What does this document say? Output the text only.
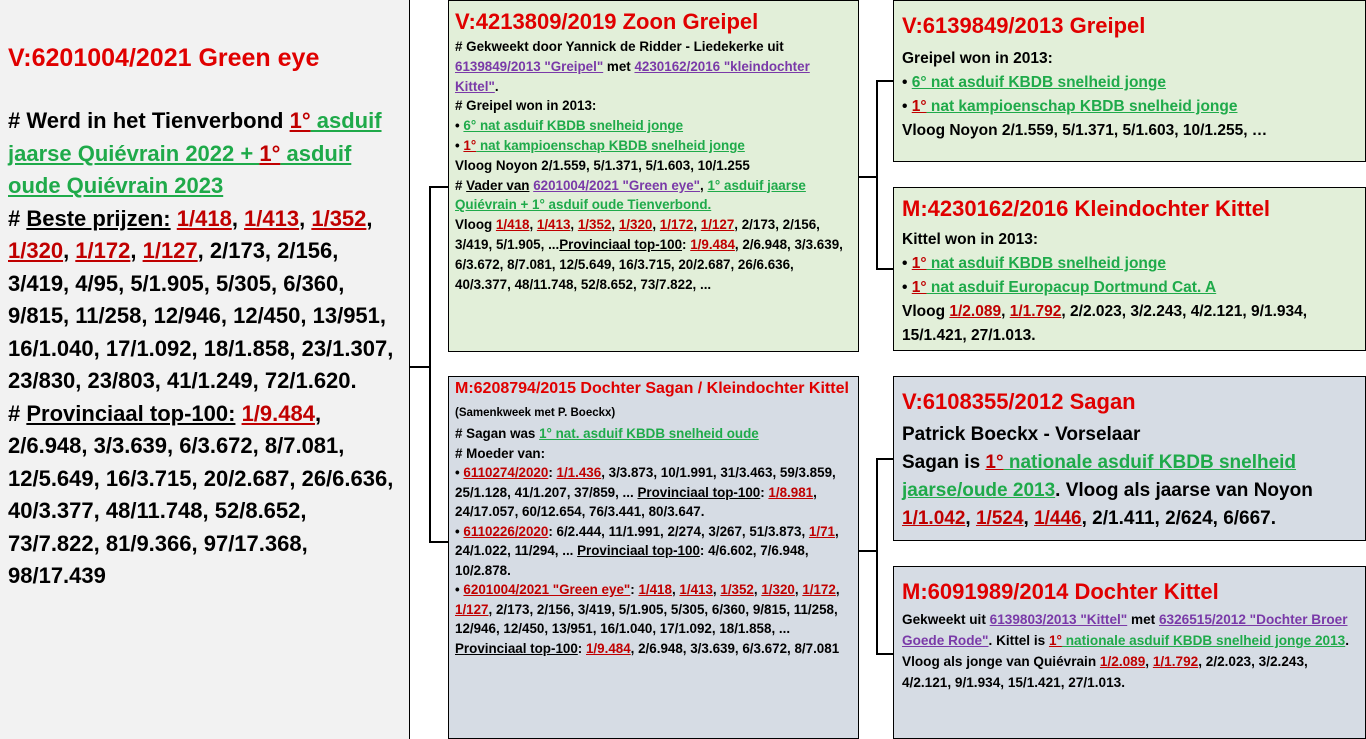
V:6201004/2021 Green eye
# Werd in het Tienverbond 1° asduif jaarse Quiévrain 2022 + 1° asduif oude Quiévrain 2023
# Beste prijzen: 1/418, 1/413, 1/352, 1/320, 1/172, 1/127, 2/173, 2/156, 3/419, 4/95, 5/1.905, 5/305, 6/360, 9/815, 11/258, 12/946, 12/450, 13/951, 16/1.040, 17/1.092, 18/1.858, 23/1.307, 23/830, 23/803, 41/1.249, 72/1.620.
# Provinciaal top-100: 1/9.484, 2/6.948, 3/3.639, 6/3.672, 8/7.081, 12/5.649, 16/3.715, 20/2.687, 26/6.636, 40/3.377, 48/11.748, 52/8.652, 73/7.822, 81/9.366, 97/17.368, 98/17.439
V:4213809/2019 Zoon Greipel
# Gekweekt door Yannick de Ridder - Liedekerke uit 6139849/2013 "Greipel" met 4230162/2016 "kleindochter Kittel".
# Greipel won in 2013:
• 6° nat asduif KBDB snelheid jonge
• 1° nat kampioenschap KBDB snelheid jonge
Vloog Noyon 2/1.559, 5/1.371, 5/1.603, 10/1.255
# Vader van 6201004/2021 "Green eye", 1° asduif jaarse Quiévrain + 1° asduif oude Tienverbond.
Vloog 1/418, 1/413, 1/352, 1/320, 1/172, 1/127, 2/173, 2/156, 3/419, 5/1.905, ...Provinciaal top-100: 1/9.484, 2/6.948, 3/3.639, 6/3.672, 8/7.081, 12/5.649, 16/3.715, 20/2.687, 26/6.636, 40/3.377, 48/11.748, 52/8.652, 73/7.822, ...
M:6208794/2015 Dochter Sagan / Kleindochter Kittel (Samenkweek met P. Boeckx)
# Sagan was 1° nat. asduif KBDB snelheid oude
# Moeder van:
• 6110274/2020: 1/1.436, 3/3.873, 10/1.991, 31/3.463, 59/3.859, 25/1.128, 41/1.207, 37/859, ... Provinciaal top-100: 1/8.981, 24/17.057, 60/12.654, 76/3.441, 80/3.647.
• 6110226/2020: 6/2.444, 11/1.991, 2/274, 3/267, 51/3.873, 1/71, 24/1.022, 11/294, ... Provinciaal top-100: 4/6.602, 7/6.948, 10/2.878.
• 6201004/2021 "Green eye": 1/418, 1/413, 1/352, 1/320, 1/172, 1/127, 2/173, 2/156, 3/419, 5/1.905, 5/305, 6/360, 9/815, 11/258, 12/946, 12/450, 13/951, 16/1.040, 17/1.092, 18/1.858, ... Provinciaal top-100: 1/9.484, 2/6.948, 3/3.639, 6/3.672, 8/7.081
V:6139849/2013 Greipel
Greipel won in 2013:
• 6° nat asduif KBDB snelheid jonge
• 1° nat kampioenschap KBDB snelheid jonge
Vloog Noyon 2/1.559, 5/1.371, 5/1.603, 10/1.255, …
M:4230162/2016 Kleindochter Kittel
Kittel won in 2013:
• 1° nat asduif KBDB snelheid jonge
• 1° nat asduif Europacup Dortmund Cat. A
Vloog 1/2.089, 1/1.792, 2/2.023, 3/2.243, 4/2.121, 9/1.934, 15/1.421, 27/1.013.
V:6108355/2012 Sagan
Patrick Boeckx - Vorselaar
Sagan is 1° nationale asduif KBDB snelheid jaarse/oude 2013. Vloog als jaarse van Noyon 1/1.042, 1/524, 1/446, 2/1.411, 2/624, 6/667.
M:6091989/2014 Dochter Kittel
Gekweekt uit 6139803/2013 "Kittel" met 6326515/2012 "Dochter Broer Goede Rode". Kittel is 1° nationale asduif KBDB snelheid jonge 2013. Vloog als jonge van Quiévrain 1/2.089, 1/1.792, 2/2.023, 3/2.243, 4/2.121, 9/1.934, 15/1.421, 27/1.013.
